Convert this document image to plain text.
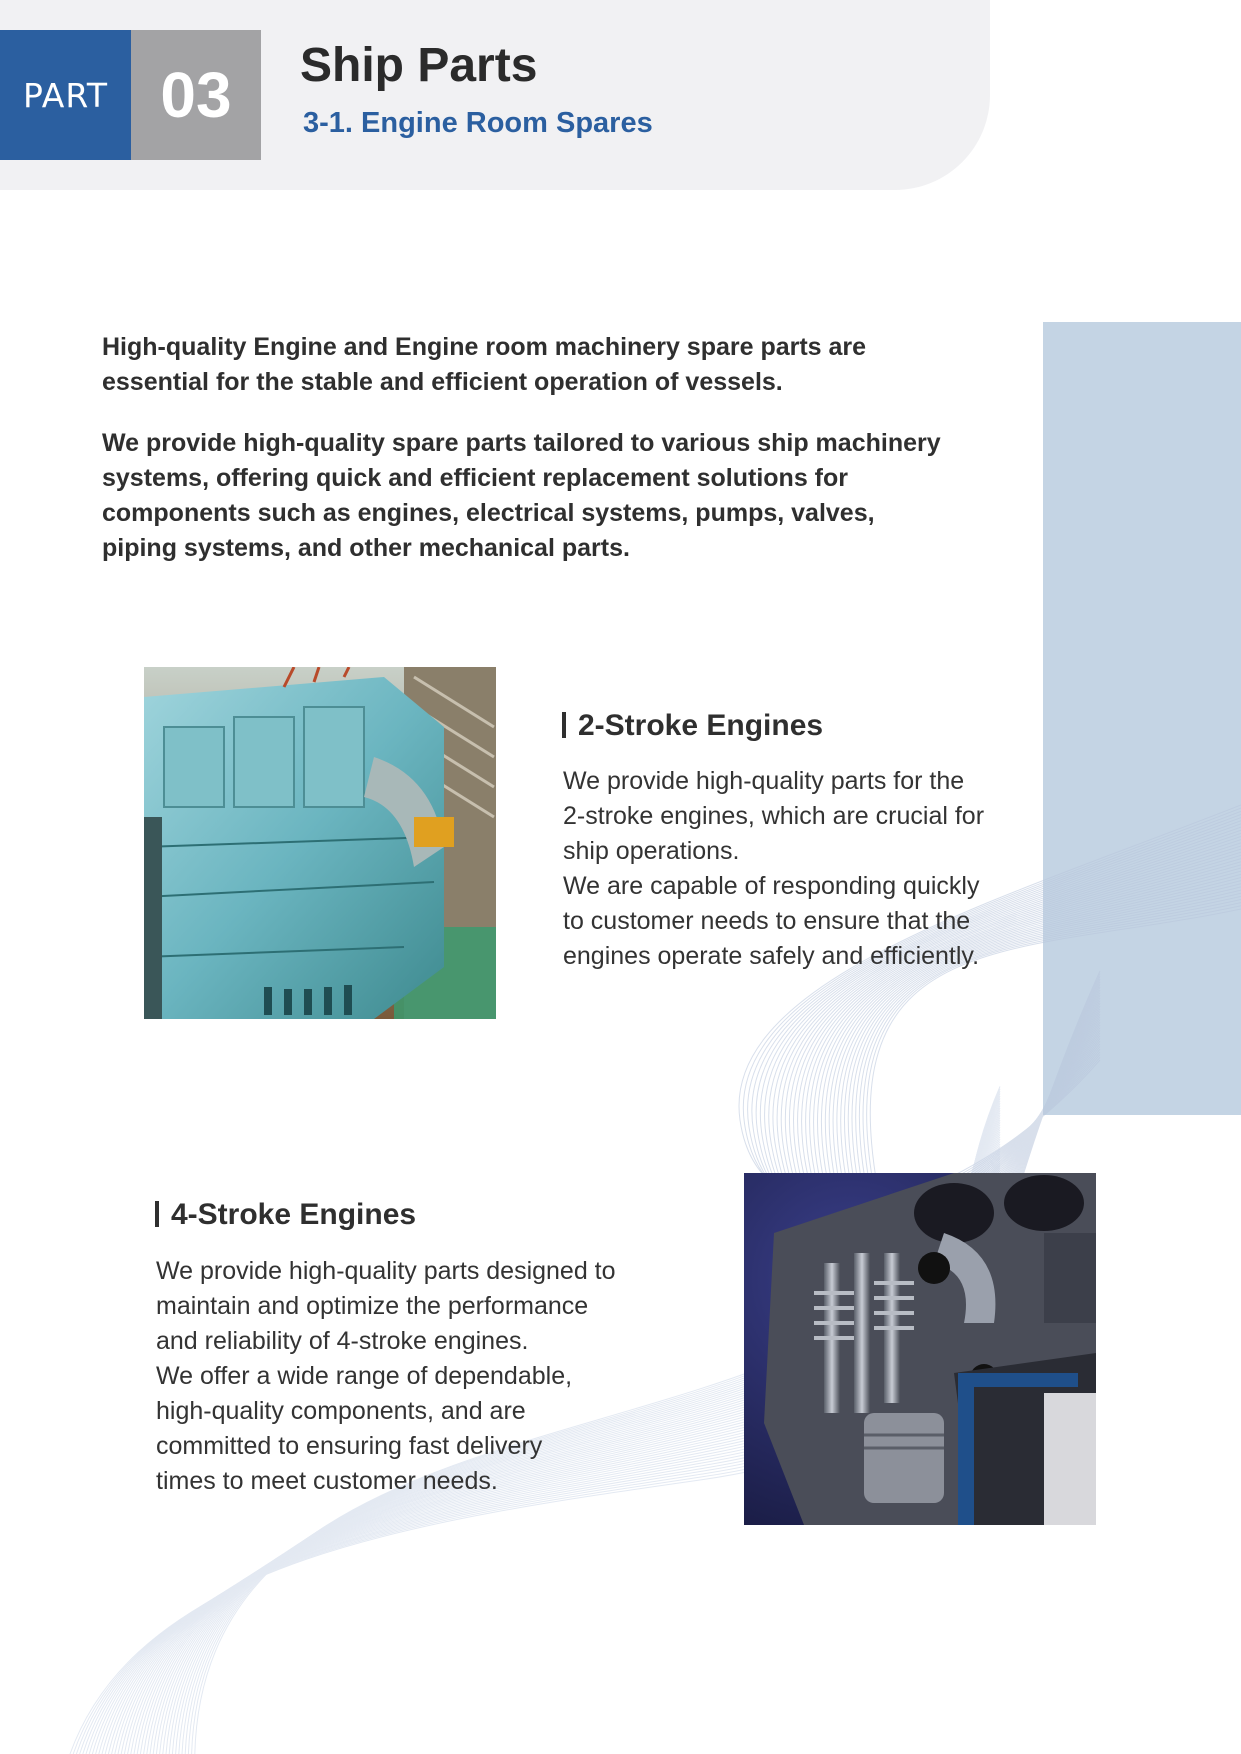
PART 03 Ship Parts
3-1. Engine Room Spares

High-quality Engine and Engine room machinery spare parts are
essential for the stable and efficient operation of vessels.

We provide high-quality spare parts tailored to various ship machinery
systems, offering quick and efficient replacement solutions for
components such as engines, electrical systems, pumps, valves,
piping systems, and other mechanical parts.

2-Stroke Engines

We provide high-quality parts for the

2-stroke engines, which are crucial for

ship operations.

We are capable of responding quickly

to customer needs to ensure that the

engines operate safely and efficiently.

4-Stroke Engines

We provide high-quality parts designed to

maintain and optimize the performance

and reliability of 4-stroke engines.

We offer a wide range of dependable,

high-quality components, and are

committed to ensuring fast delivery

times to meet customer needs.
